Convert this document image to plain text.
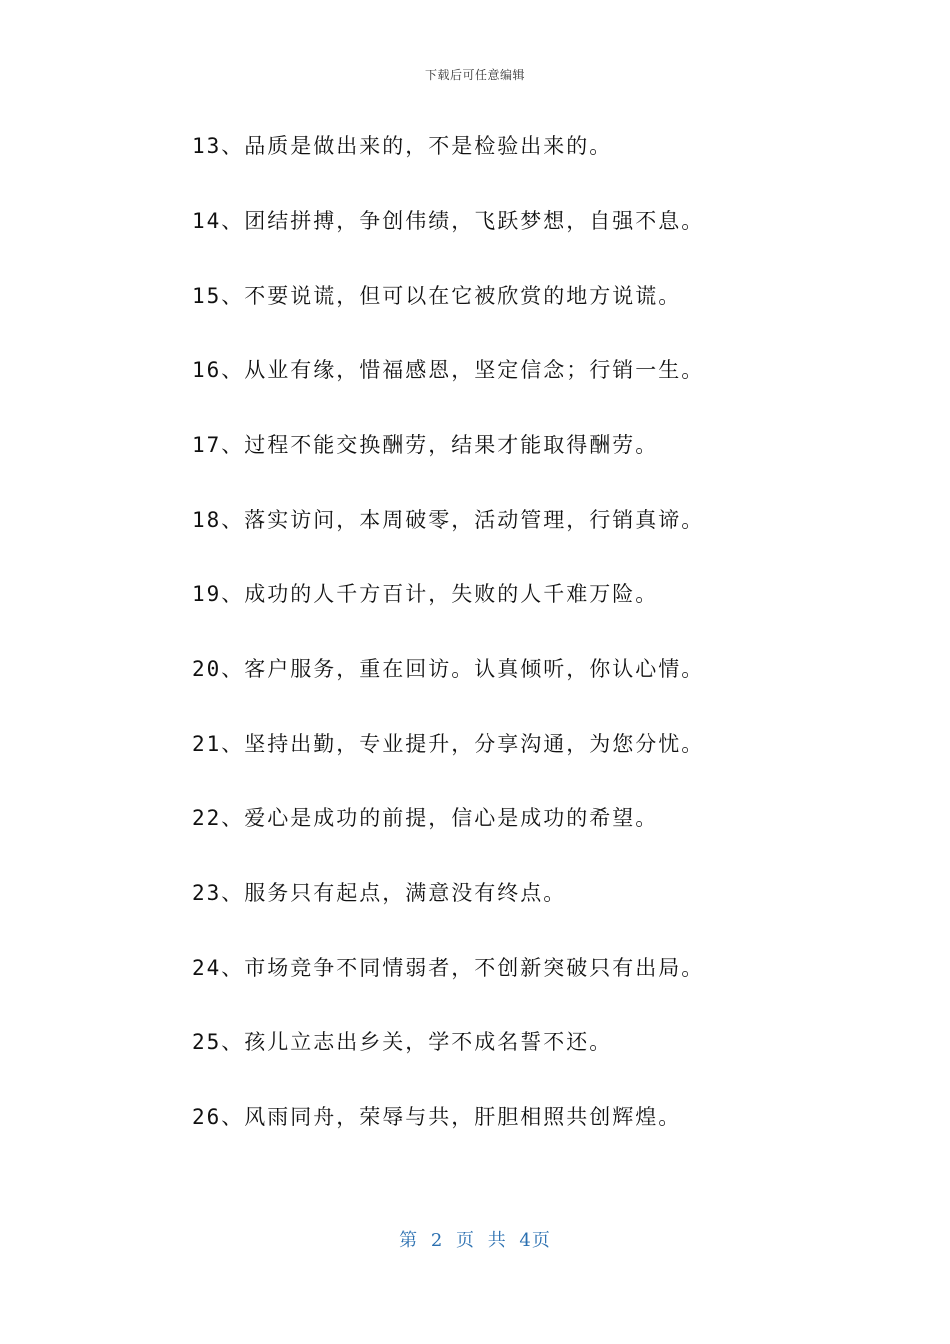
下载后可任意编辑
13、品质是做出来的，不是检验出来的。
14、团结拼搏，争创伟绩，飞跃梦想，自强不息。
15、不要说谎，但可以在它被欣赏的地方说谎。
16、从业有缘，惜福感恩，坚定信念；行销一生。
17、过程不能交换酬劳，结果才能取得酬劳。
18、落实访问，本周破零，活动管理，行销真谛。
19、成功的人千方百计，失败的人千难万险。
20、客户服务，重在回访。认真倾听，你认心情。
21、坚持出勤，专业提升，分享沟通，为您分忧。
22、爱心是成功的前提，信心是成功的希望。
23、服务只有起点，满意没有终点。
24、市场竞争不同情弱者，不创新突破只有出局。
25、孩儿立志出乡关，学不成名誓不还。
26、风雨同舟，荣辱与共，肝胆相照共创辉煌。
第 2 页 共 4页
